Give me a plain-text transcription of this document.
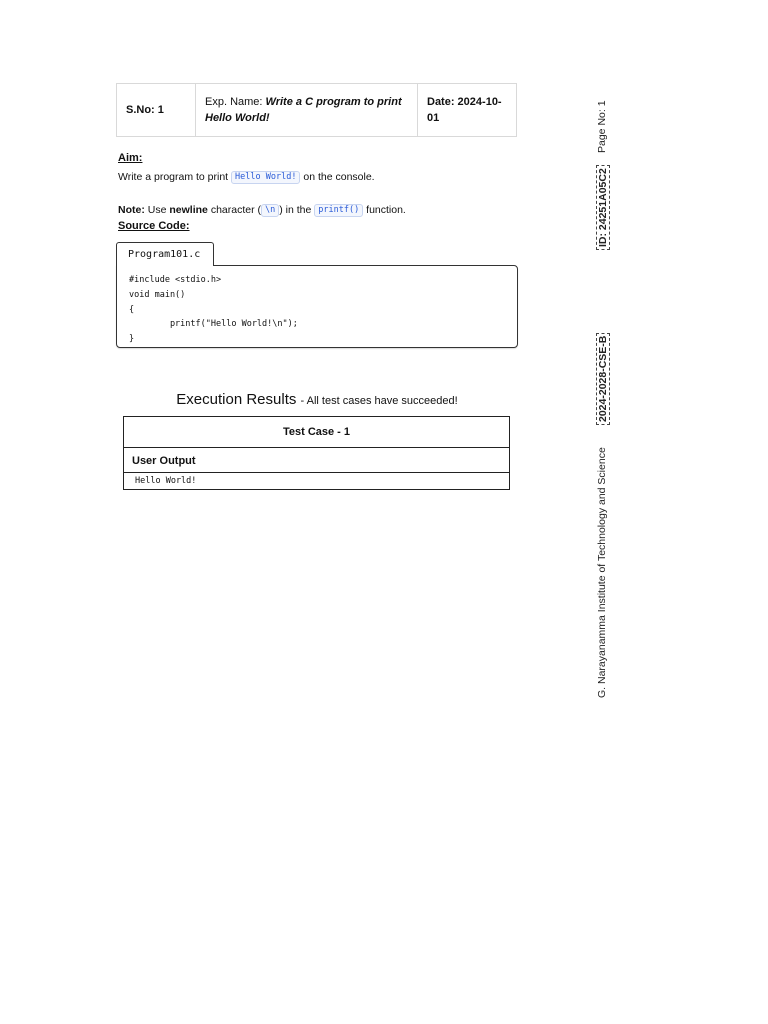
S.No: 1
Exp. Name: Write a C program to print Hello World!
Date: 2024-10-01
Aim:
Write a program to print Hello World! on the console.
Note: Use newline character ( \n ) in the printf() function.
Source Code:
Program101.c
#include <stdio.h>
void main()
{
printf("Hello World!\n");
}
Execution Results - All test cases have succeeded!
Test Case - 1
User Output
Hello World!
Page No: 1
ID: 24251A05C2
2024-2028-CSE-B
G. Narayanamma Institute of Technology and Science
